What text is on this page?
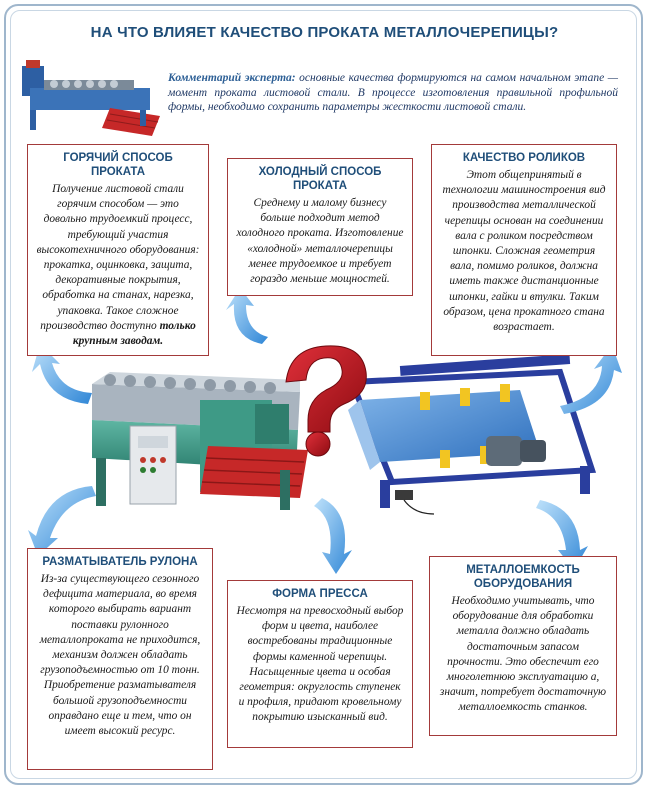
НА ЧТО ВЛИЯЕТ КАЧЕСТВО ПРОКАТА МЕТАЛЛОЧЕРЕПИЦЫ?
Комментарий эксперта: основные качества формируются на самом начальном этапе — момент проката листовой стали. В процессе изготовления правильной профильной формы, необходимо сохранить параметры жесткости листовой стали.
ГОРЯЧИЙ СПОСОБ ПРОКАТА
Получение листовой стали горячим способом — это довольно трудоемкий процесс, требующий участия высокотехничного оборудования: прокатка, оцинковка, защита, декоративные покрытия, обработка на станах, нарезка, упаковка. Такое сложное производство доступно только крупным заводам.
ХОЛОДНЫЙ СПОСОБ ПРОКАТА
Среднему и малому бизнесу больше подходит метод холодного проката. Изготовление «холодной» металлочерепицы менее трудоемкое и требует гораздо меньше мощностей.
КАЧЕСТВО РОЛИКОВ
Этот общепринятый в технологии машиностроения вид производства металлической черепицы основан на соединении вала с роликом посредством шпонки. Сложная геометрия вала, помимо роликов, должна иметь также дистанционные шпонки, гайки и втулки. Таким образом, цена прокатного стана возрастает.
РАЗМАТЫВАТЕЛЬ РУЛОНА
Из-за существующего сезонного дефицита материала, во время которого выбирать вариант поставки рулонного металлопроката не приходится, механизм должен обладать грузоподъемностью от 10 тонн. Приобретение разматывателя большой грузоподъемности оправдано еще и тем, что он имеет высокий ресурс.
ФОРМА ПРЕССА
Несмотря на превосходный выбор форм и цвета, наиболее востребованы традиционные формы каменной черепицы. Насыщенные цвета и особая геометрия: округлость ступенек и профиля, придают кровельному покрытию изысканный вид.
МЕТАЛЛОЕМКОСТЬ ОБОРУДОВАНИЯ
Необходимо учитывать, что оборудование для обработки металла должно обладать достаточным запасом прочности. Это обеспечит его многолетнюю эксплуатацию а, значит, потребует достаточную металлоемкость станков.
